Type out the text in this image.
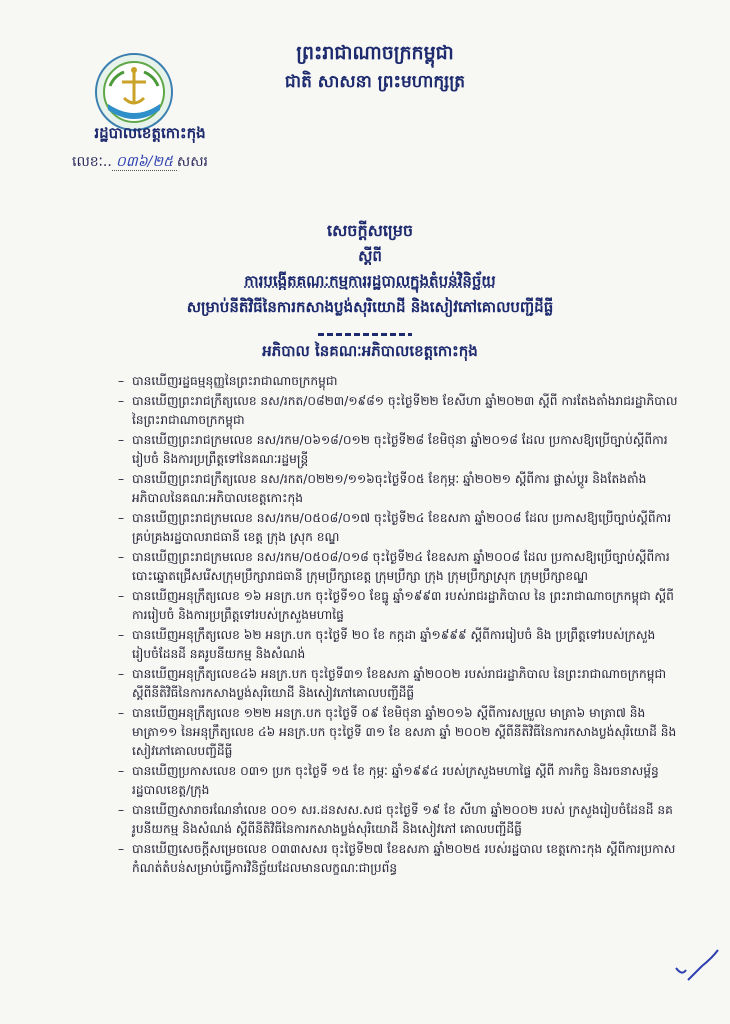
ព្រះរាជាណាចក្រកម្ពុជា
ជាតិ សាសនា ព្រះមហាក្សត្រ
រដ្ឋបាលខេត្តកោះកុង
លេខៈ.. ០៣៦/២៥ សសរ
សេចក្តីសម្រេច
ស្តីពី
ការបង្កើតគណៈកម្មការរដ្ឋបាលក្នុងតំបន់វិនិច្ឆ័យ
សម្រាប់នីតិវិធីនៃការកសាងប្លង់សុរិយោដី និងសៀវភៅគោលបញ្ជីដីធ្លី
អភិបាល នៃគណៈអភិបាលខេត្តកោះកុង
– បានឃើញរដ្ឋធម្មនុញ្ញនៃព្រះរាជាណាចក្រកម្ពុជា
– បានឃើញព្រះរាជក្រឹត្យលេខ នស/រកត/០៨២៣/១៩៨១ ចុះថ្ងៃទី២២ ខែសីហា ឆ្នាំ២០២៣ ស្តីពី ការតែងតាំងរាជរដ្ឋាភិបាលនៃព្រះរាជាណាចក្រកម្ពុជា
– បានឃើញព្រះរាជក្រមលេខ នស/រកម/០៦១៨/០១២ ចុះថ្ងៃទី២៨ ខែមិថុនា ឆ្នាំ២០១៨ ដែល ប្រកាសឱ្យប្រើច្បាប់ស្តីពីការរៀបចំ និងការប្រព្រឹត្តទៅនៃគណៈរដ្ឋមន្ត្រី
– បានឃើញព្រះរាជក្រឹត្យលេខ នស/រកត/០២២១/១១៦ចុះថ្ងៃទី០៥ ខែកុម្ភៈ ឆ្នាំ២០២១ ស្តីពីការ ផ្លាស់ប្តូរ និងតែងតាំងអភិបាលនៃគណៈអភិបាលខេត្តកោះកុង
– បានឃើញព្រះរាជក្រមលេខ នស/រកម/០៥០៨/០១៧ ចុះថ្ងៃទី២៤ ខែឧសភា ឆ្នាំ២០០៨ ដែល ប្រកាសឱ្យប្រើច្បាប់ស្តីពីការគ្រប់គ្រងរដ្ឋបាលរាជធានី ខេត្ត ក្រុង ស្រុក ខណ្ឌ
– បានឃើញព្រះរាជក្រមលេខ នស/រកម/០៥០៨/០១៨ ចុះថ្ងៃទី២៤ ខែឧសភា ឆ្នាំ២០០៨ ដែល ប្រកាសឱ្យប្រើច្បាប់ស្តីពីការបោះឆ្នោតជ្រើសរើសក្រុមប្រឹក្សារាជធានី ក្រុមប្រឹក្សាខេត្ត ក្រុមប្រឹក្សា ក្រុង ក្រុមប្រឹក្សាស្រុក ក្រុមប្រឹក្សាខណ្ឌ
– បានឃើញអនុក្រឹត្យលេខ ១៦ អនក្រ.បក ចុះថ្ងៃទី១០ ខែធ្នូ ឆ្នាំ១៩៩៣ របស់រាជរដ្ឋាភិបាល នៃ ព្រះរាជាណាចក្រកម្ពុជា ស្តីពីការរៀបចំ និងការប្រព្រឹត្តទៅរបស់ក្រសួងមហាផ្ទៃ
– បានឃើញអនុក្រឹត្យលេខ ៦២ អនក្រ.បក ចុះថ្ងៃទី ២០ ខែ កក្កដា ឆ្នាំ១៩៩៩ ស្តីពីការរៀបចំ និង ប្រព្រឹត្តទៅរបស់ក្រសួងរៀបចំដែនដី នគរូបនីយកម្ម និងសំណង់
– បានឃើញអនុក្រឹត្យលេខ៤៦ អនក្រ.បក ចុះថ្ងៃទី៣១ ខែឧសភា ឆ្នាំ២០០២ របស់រាជរដ្ឋាភិបាល នៃព្រះរាជាណាចក្រកម្ពុជា ស្តីពីនីតិវិធីនៃការកសាងប្លង់សុរិយោដី និងសៀវភៅគោលបញ្ជីដីធ្លី
– បានឃើញអនុក្រឹត្យលេខ ១២២ អនក្រ.បក ចុះថ្ងៃទី ០៩ ខែមិថុនា ឆ្នាំ២០១៦ ស្តីពីការសម្រួល មាត្រា៦ មាត្រា៧ និងមាត្រា១១ នៃអនុក្រឹត្យលេខ ៤៦ អនក្រ.បក ចុះថ្ងៃទី ៣១ ខែ ឧសភា ឆ្នាំ ២០០២ ស្តីពីនីតិវិធីនៃការកសាងប្លង់សុរិយោដី និងសៀវភៅគោលបញ្ជីដីធ្លី
– បានឃើញប្រកាសលេខ ០៣១ ប្រក ចុះថ្ងៃទី ១៥ ខែ កុម្ភៈ ឆ្នាំ១៩៩៤ របស់ក្រសួងមហាផ្ទៃ ស្តីពី ភារកិច្ច និងរចនាសម្ព័ន្ធរដ្ឋបាលខេត្ត/ក្រុង
– បានឃើញសារាចរណែនាំលេខ ០០១ សរ.ដនសស.សជ ចុះថ្ងៃទី ១៩ ខែ សីហា ឆ្នាំ២០០២ របស់ ក្រសួងរៀបចំដែនដី នគរូបនីយកម្ម និងសំណង់ ស្តីពីនីតិវិធីនៃការកសាងប្លង់សុរិយោដី និងសៀវភៅ គោលបញ្ជីដីធ្លី
– បានឃើញសេចក្តីសម្រេចលេខ ០៣៣សសរ ចុះថ្ងៃទី២៧ ខែឧសភា ឆ្នាំ២០២៥ របស់រដ្ឋបាល ខេត្តកោះកុង ស្តីពីការប្រកាសកំណត់តំបន់សម្រាប់ធ្វើការវិនិច្ឆ័យដែលមានលក្ខណៈជាប្រព័ន្ធ
